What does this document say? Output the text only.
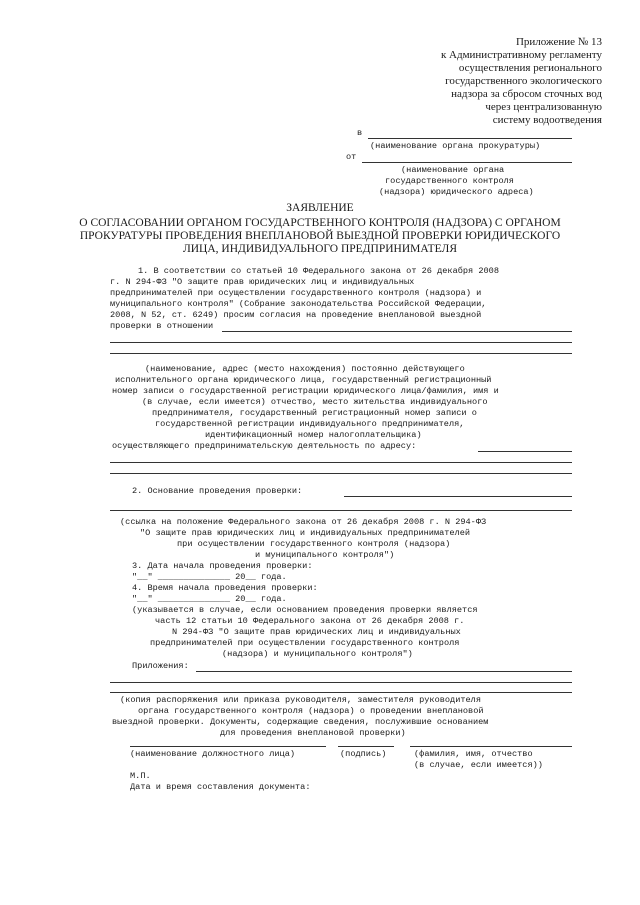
Приложение № 13
к Административному регламенту
осуществления регионального
государственного экологического
надзора за сбросом сточных вод
через централизованную
систему водоотведения
в
(наименование органа прокуратуры)
от
(наименование органа
государственного контроля
(надзора) юридического адреса)
ЗАЯВЛЕНИЕ
О СОГЛАСОВАНИИ ОРГАНОМ ГОСУДАРСТВЕННОГО КОНТРОЛЯ (НАДЗОРА) С ОРГАНОМ
ПРОКУРАТУРЫ ПРОВЕДЕНИЯ ВНЕПЛАНОВОЙ ВЫЕЗДНОЙ ПРОВЕРКИ ЮРИДИЧЕСКОГО
ЛИЦА, ИНДИВИДУАЛЬНОГО ПРЕДПРИНИМАТЕЛЯ
1. В соответствии со статьей 10 Федерального закона от 26 декабря 2008
г. N 294-ФЗ "О защите прав юридических лиц и индивидуальных
предпринимателей при осуществлении государственного контроля (надзора) и
муниципального контроля" (Собрание законодательства Российской Федерации,
2008, N 52, ст. 6249) просим согласия на проведение внеплановой выездной
проверки в отношении
(наименование, адрес (место нахождения) постоянно действующего
исполнительного органа юридического лица, государственный регистрационный
номер записи о государственной регистрации юридического лица/фамилия, имя и
(в случае, если имеется) отчество, место жительства индивидуального
предпринимателя, государственный регистрационный номер записи о
государственной регистрации индивидуального предпринимателя,
идентификационный номер налогоплательщика)
осуществляющего предпринимательскую деятельность по адресу:
2. Основание проведения проверки:
(ссылка на положение Федерального закона от 26 декабря 2008 г. N 294-ФЗ
"О защите прав юридических лиц и индивидуальных предпринимателей
при осуществлении государственного контроля (надзора)
и муниципального контроля")
3. Дата начала проведения проверки:
"__" ______________ 20__ года.
4. Время начала проведения проверки:
"__" ______________ 20__ года.
(указывается в случае, если основанием проведения проверки является
часть 12 статьи 10 Федерального закона от 26 декабря 2008 г.
N 294-ФЗ "О защите прав юридических лиц и индивидуальных
предпринимателей при осуществлении государственного контроля
(надзора) и муниципального контроля")
Приложения:
(копия распоряжения или приказа руководителя, заместителя руководителя
органа государственного контроля (надзора) о проведении внеплановой
выездной проверки. Документы, содержащие сведения, послужившие основанием
для проведения внеплановой проверки)
(наименование должностного лица)	(подпись)	(фамилия, имя, отчество
(в случае, если имеется))
М.П.
Дата и время составления документа:
